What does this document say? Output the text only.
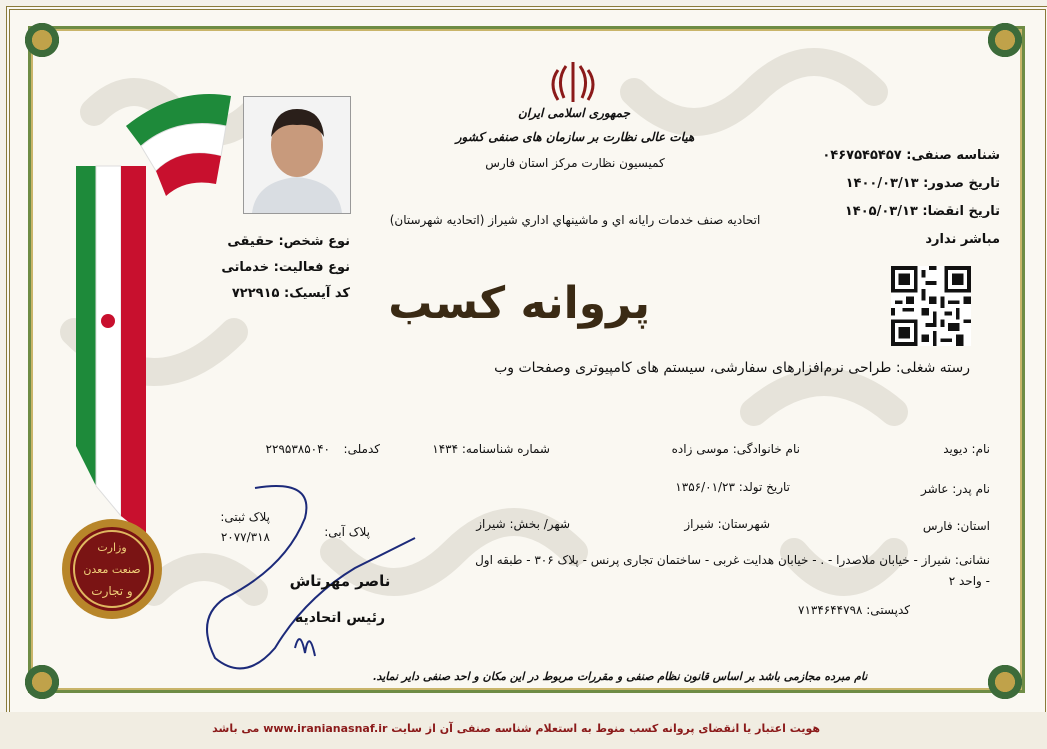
وزارت
صنعت معدن
و تجارت
جمهوری اسلامی ایران
هیات عالی نظارت بر سازمان های صنفی کشور
کمیسیون نظارت مرکز استان فارس
اتحادیه صنف خدمات رایانه اي و ماشینهاي اداري شیراز (اتحادیه شهرستان)
پروانه کسب
شناسه صنفی: ۰۴۶۷۵۴۵۴۵۷
تاریخ صدور: ۱۴۰۰/۰۳/۱۳
تاریخ انقضا: ۱۴۰۵/۰۳/۱۳
مباشر ندارد
نوع شخص: حقیقی
نوع فعالیت: خدماتی
کد آیسیک: ۷۲۲۹۱۵
رسته شغلی: طراحی نرم‌افزارهای سفارشی، سیستم های کامپیوتری وصفحات وب
نام: دیوید
نام خانوادگی: موسی زاده
شماره شناسنامه: ۱۴۳۴
کدملی:
۲۲۹۵۳۸۵۰۴۰
نام پدر: عاشر
تاریخ تولد: ۱۳۵۶/۰۱/۲۳
استان: فارس
شهرستان: شیراز
شهر/ بخش: شیراز
پلاک آبی:
پلاک ثبتی:
۲۰۷۷/۳۱۸
نشانی: شیراز - خیابان ملاصدرا - . - خیابان هدایت غربی - ساختمان تجاری پرنس - پلاک ۳۰۶ - طبقه اول
- واحد ۲
کدپستی: ۷۱۳۴۶۴۴۷۹۸
ناصر مهرتاش
رئیس اتحادیه
نام مبرده مجازمی باشد بر اساس قانون نظام صنفی و مقررات مربوط در این مکان و احد صنفی دایر نماید.
هویت اعتبار یا انقضای پروانه کسب منوط به استعلام شناسه صنفی آن از سایت www.iranianasnaf.ir می باشد
